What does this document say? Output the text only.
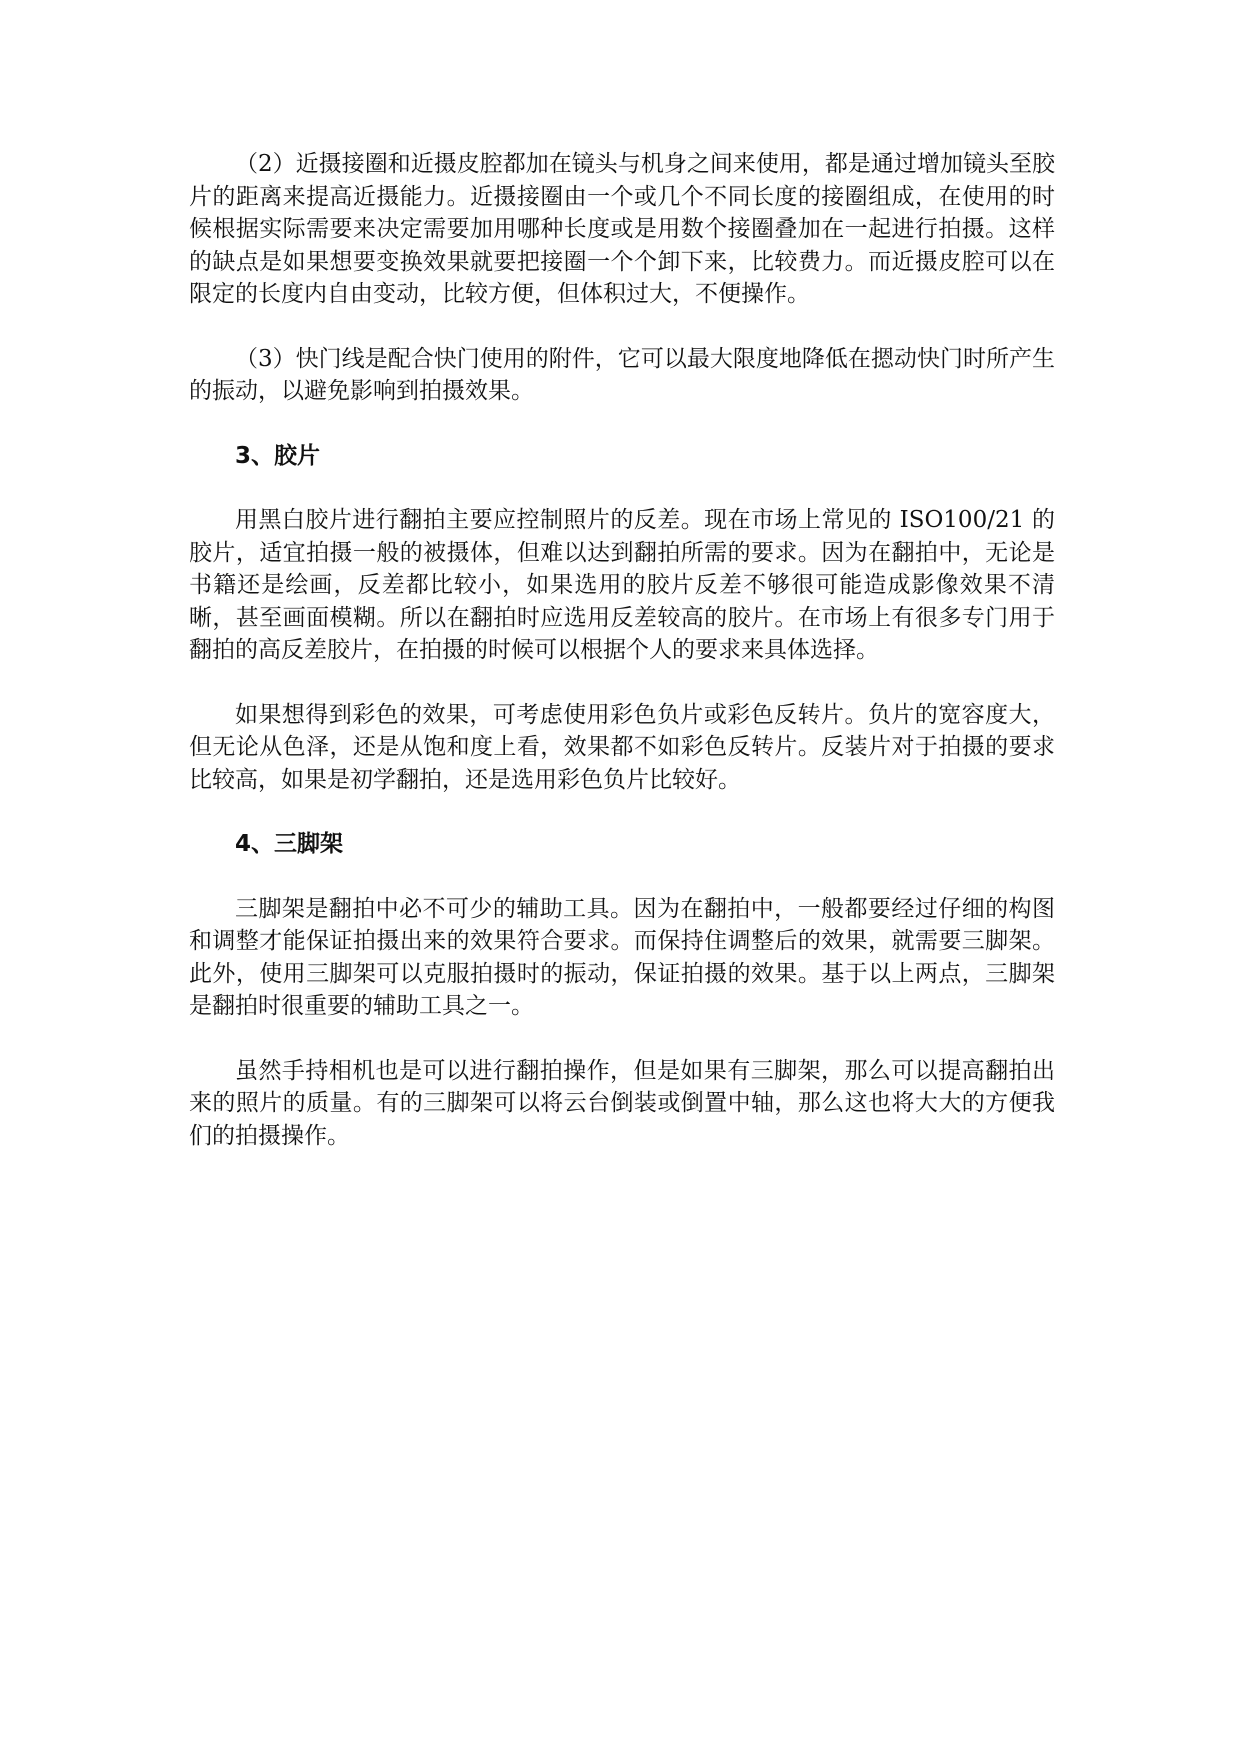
（2）近摄接圈和近摄皮腔都加在镜头与机身之间来使用，都是通过增加镜头至胶片的距离来提高近摄能力。近摄接圈由一个或几个不同长度的接圈组成，在使用的时候根据实际需要来决定需要加用哪种长度或是用数个接圈叠加在一起进行拍摄。这样的缺点是如果想要变换效果就要把接圈一个个卸下来，比较费力。而近摄皮腔可以在限定的长度内自由变动，比较方便，但体积过大，不便操作。

（3）快门线是配合快门使用的附件，它可以最大限度地降低在摁动快门时所产生的振动，以避免影响到拍摄效果。

3、胶片

用黑白胶片进行翻拍主要应控制照片的反差。现在市场上常见的 ISO100/21 的胶片，适宜拍摄一般的被摄体，但难以达到翻拍所需的要求。因为在翻拍中，无论是书籍还是绘画，反差都比较小，如果选用的胶片反差不够很可能造成影像效果不清晰，甚至画面模糊。所以在翻拍时应选用反差较高的胶片。在市场上有很多专门用于翻拍的高反差胶片，在拍摄的时候可以根据个人的要求来具体选择。

如果想得到彩色的效果，可考虑使用彩色负片或彩色反转片。负片的宽容度大，但无论从色泽，还是从饱和度上看，效果都不如彩色反转片。反装片对于拍摄的要求比较高，如果是初学翻拍，还是选用彩色负片比较好。

4、三脚架

三脚架是翻拍中必不可少的辅助工具。因为在翻拍中，一般都要经过仔细的构图和调整才能保证拍摄出来的效果符合要求。而保持住调整后的效果，就需要三脚架。此外，使用三脚架可以克服拍摄时的振动，保证拍摄的效果。基于以上两点，三脚架是翻拍时很重要的辅助工具之一。

虽然手持相机也是可以进行翻拍操作，但是如果有三脚架，那么可以提高翻拍出来的照片的质量。有的三脚架可以将云台倒装或倒置中轴，那么这也将大大的方便我们的拍摄操作。
